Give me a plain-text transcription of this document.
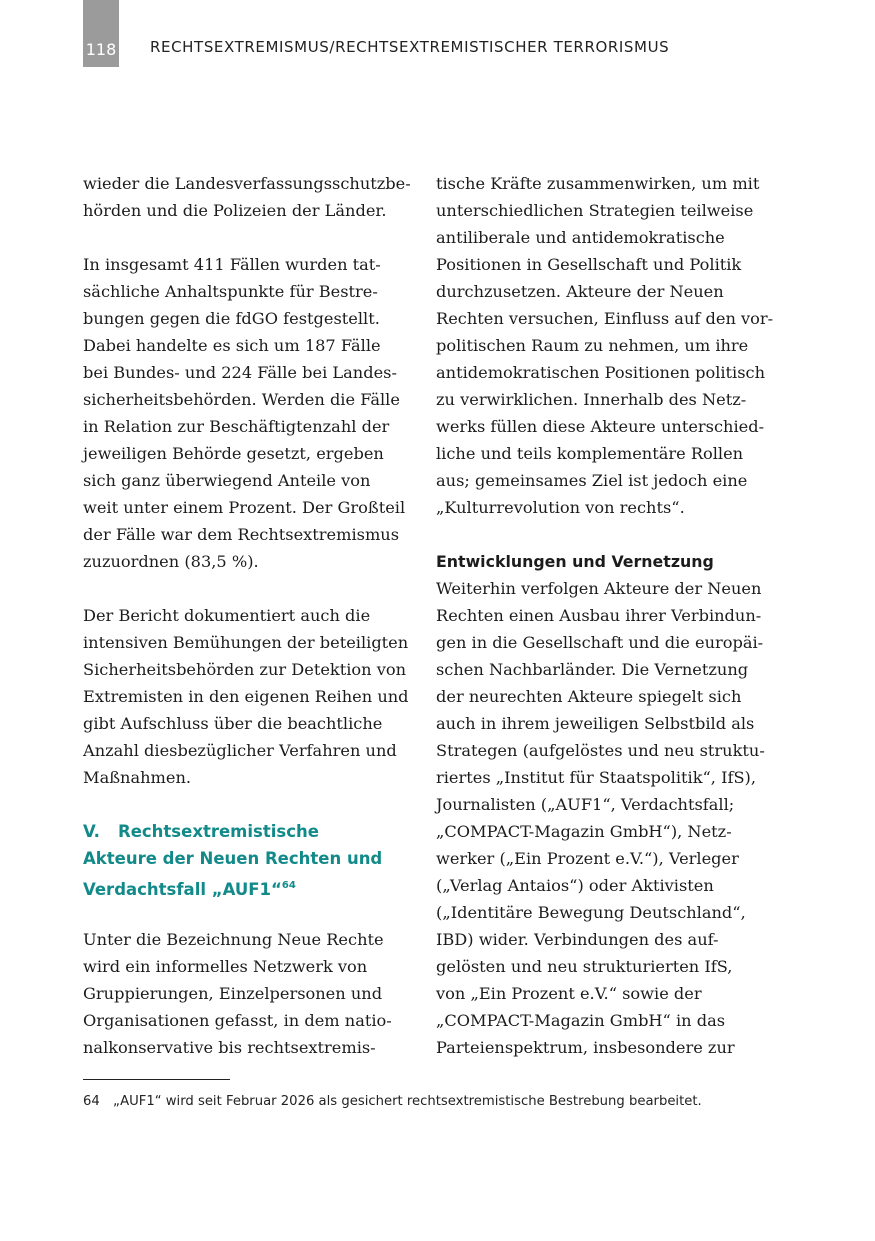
118 RECHTSEXTREMISMUS/RECHTSEXTREMISTISCHER TERRORISMUS
wieder die Landesverfassungsschutzbe-
hörden und die Polizeien der Länder.
In insgesamt 411 Fällen wurden tat-
sächliche Anhaltspunkte für Bestre-
bungen gegen die fdGO festgestellt.
Dabei handelte es sich um 187 Fälle
bei Bundes- und 224 Fälle bei Landes-
sicherheitsbehörden. Werden die Fälle
in Relation zur Beschäftigtenzahl der
jeweiligen Behörde gesetzt, ergeben
sich ganz überwiegend Anteile von
weit unter einem Prozent. Der Großteil
der Fälle war dem Rechtsextremismus
zuzuordnen (83,5 %).
Der Bericht dokumentiert auch die
intensiven Bemühungen der beteiligten
Sicherheitsbehörden zur Detektion von
Extremisten in den eigenen Reihen und
gibt Aufschluss über die beachtliche
Anzahl diesbezüglicher Verfahren und
Maßnahmen.
V. Rechtsextremistische
Akteure der Neuen Rechten und
Verdachtsfall „AUF1“$^{64}$
Unter die Bezeichnung Neue Rechte
wird ein informelles Netzwerk von
Gruppierungen, Einzelpersonen und
Organisationen gefasst, in dem natio-
nalkonservative bis rechtsextremis-
tische Kräfte zusammenwirken, um mit
unterschiedlichen Strategien teilweise
antiliberale und antidemokratische
Positionen in Gesellschaft und Politik
durchzusetzen. Akteure der Neuen
Rechten versuchen, Einfluss auf den vor-
politischen Raum zu nehmen, um ihre
antidemokratischen Positionen politisch
zu verwirklichen. Innerhalb des Netz-
werks füllen diese Akteure unterschied-
liche und teils komplementäre Rollen
aus; gemeinsames Ziel ist jedoch eine
„Kulturrevolution von rechts“.
Entwicklungen und Vernetzung
Weiterhin verfolgen Akteure der Neuen
Rechten einen Ausbau ihrer Verbindun-
gen in die Gesellschaft und die europäi-
schen Nachbarländer. Die Vernetzung
der neurechten Akteure spiegelt sich
auch in ihrem jeweiligen Selbstbild als
Strategen (aufgelöstes und neu struktu-
riertes „Institut für Staatspolitik“, IfS),
Journalisten („AUF1“, Verdachtsfall;
„COMPACT-Magazin GmbH“), Netz-
werker („Ein Prozent e.V.“), Verleger
(„Verlag Antaios“) oder Aktivisten
(„Identitäre Bewegung Deutschland“,
IBD) wider. Verbindungen des auf-
gelösten und neu strukturierten IfS,
von „Ein Prozent e.V.“ sowie der
„COMPACT-Magazin GmbH“ in das
Parteienspektrum, insbesondere zur
64 „AUF1“ wird seit Februar 2026 als gesichert rechtsextremistische Bestrebung bearbeitet.
